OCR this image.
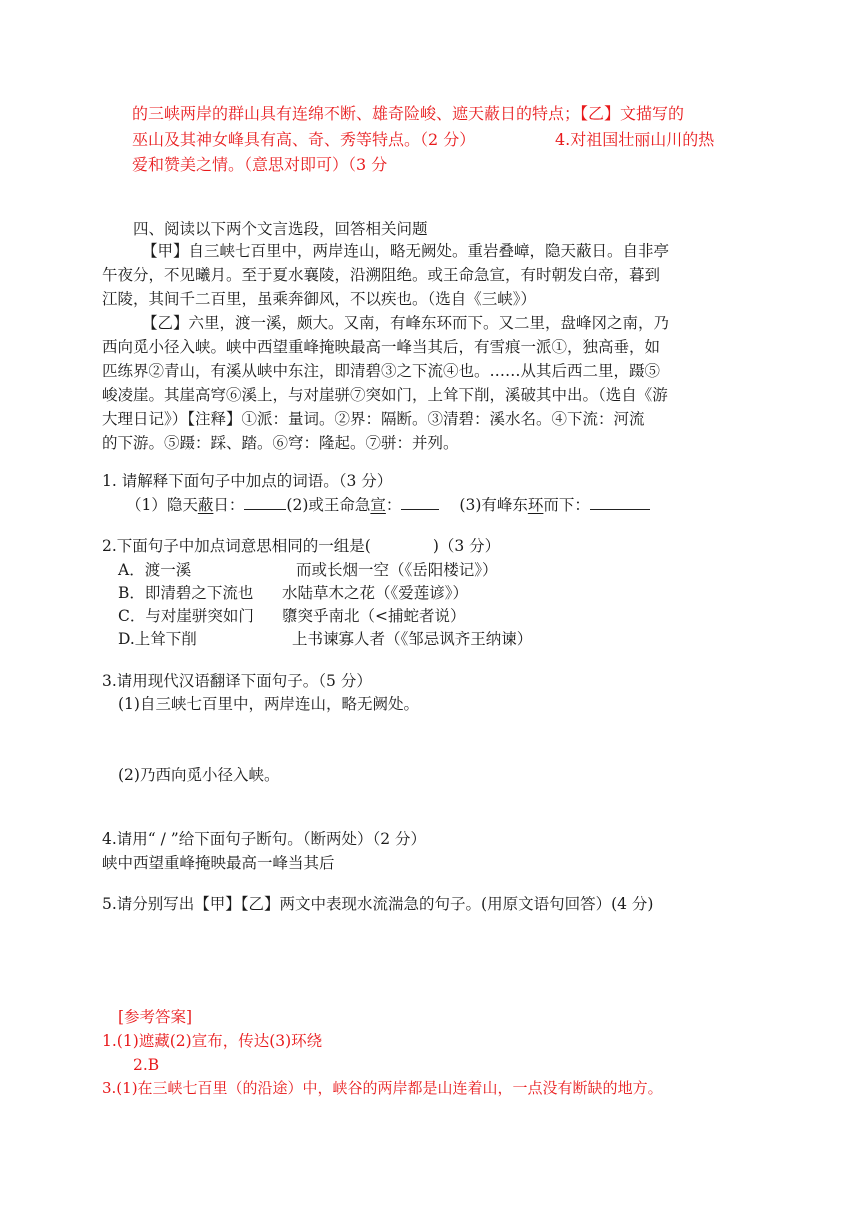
的三峡两岸的群山具有连绵不断、雄奇险峻、遮天蔽日的特点；【乙】文描写的
巫山及其神女峰具有高、奇、秀等特点。（2 分）	4.对祖国壮丽山川的热
爱和赞美之情。（意思对即可）（3 分
四、阅读以下两个文言选段，回答相关问题
【甲】自三峡七百里中，两岸连山，略无阙处。重岩叠嶂，隐天蔽日。自非亭
午夜分，不见曦月。至于夏水襄陵，沿溯阻绝。或王命急宣，有时朝发白帝，暮到
江陵，其间千二百里，虽乘奔御风，不以疾也。（选自《三峡》）
【乙】六里，渡一溪，颇大。又南，有峰东环而下。又二里，盘峰冈之南，乃
西向觅小径入峡。峡中西望重峰掩映最高一峰当其后，有雪痕一派①，独高垂，如
匹练界②青山，有溪从峡中东注，即清碧③之下流④也。……从其后西二里，蹑⑤
峻凌崖。其崖高穹⑥溪上，与对崖骈⑦突如门，上耸下削，溪破其中出。（选自《游
大理日记》）【注释】①派：量词。②界：隔断。③清碧：溪水名。④下流：河流
的下游。⑤蹑：踩、踏。⑥穹：隆起。⑦骈：并列。
1. 请解释下面句子中加点的词语。（3 分）
（1）隐天蔽日：	(2)或王命急宣：	(3)有峰东环而下：
2.下面句子中加点词意思相同的一组是(	)（3 分）
A．渡一溪	而或长烟一空（《岳阳楼记》）
B．即清碧之下流也 水陆草木之花（《爱莲谚》）
C．与对崖骈突如门 隳突乎南北（<捕蛇者说）
D.上耸下削	上书谏寡人者（《邹忌讽齐王纳谏）
3.请用现代汉语翻译下面句子。（5 分）
(1)自三峡七百里中，两岸连山，略无阙处。
(2)乃西向觅小径入峡。
4.请用“ / ”给下面句子断句。（断两处）（2 分）
峡中西望重峰掩映最高一峰当其后
5.请分别写出【甲】【乙】两文中表现水流湍急的句子。(用原文语句回答）(4 分)
[参考答案]
1.(1)遮藏(2)宣布，传达(3)环绕
2.B
3.(1)在三峡七百里（的沿途）中，峡谷的两岸都是山连着山，一点没有断缺的地方。
